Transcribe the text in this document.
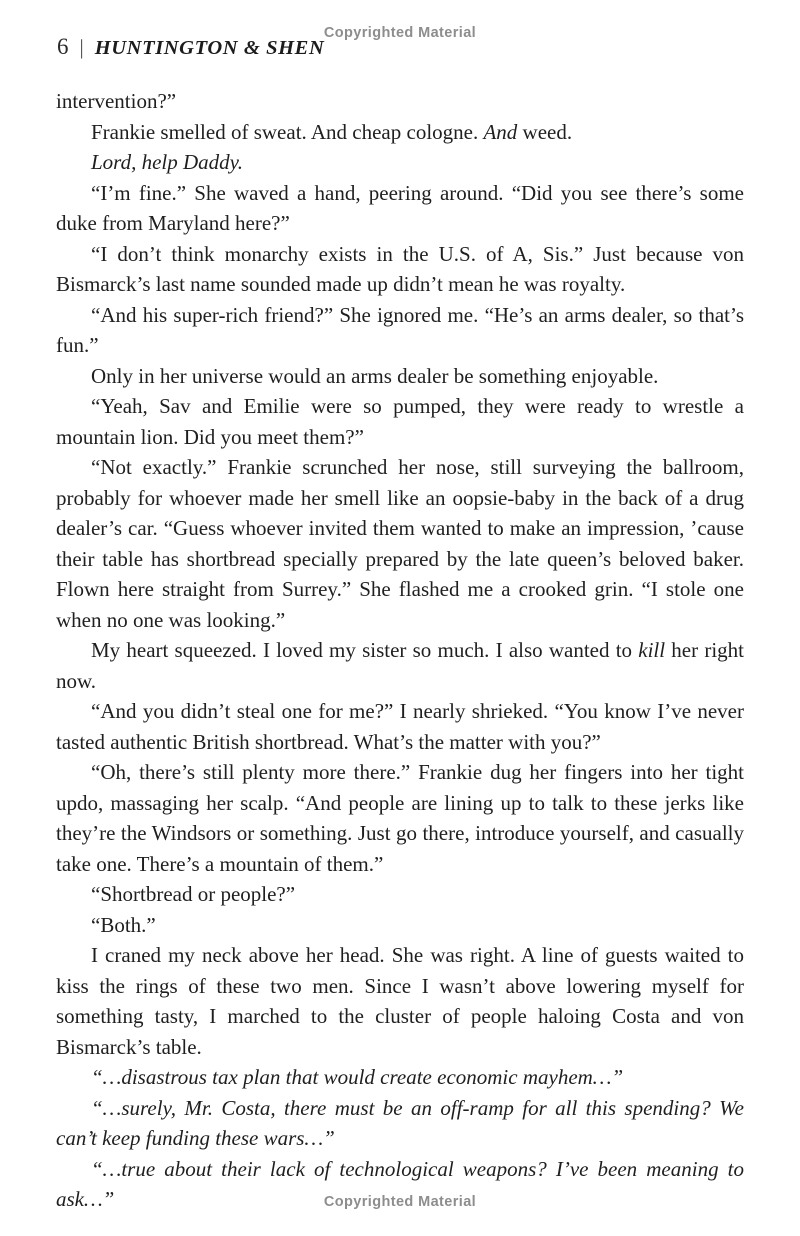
Copyrighted Material
6 | HUNTINGTON & SHEN

intervention?”

Frankie smelled of sweat. And cheap cologne. And weed.

Lord, help Daddy.

“I’m fine.” She waved a hand, peering around. “Did you see there’s some duke from Maryland here?”

“I don’t think monarchy exists in the U.S. of A, Sis.” Just because von Bismarck’s last name sounded made up didn’t mean he was royalty.

“And his super-rich friend?” She ignored me. “He’s an arms dealer, so that’s fun.”

Only in her universe would an arms dealer be something enjoyable.

“Yeah, Sav and Emilie were so pumped, they were ready to wrestle a mountain lion. Did you meet them?”

“Not exactly.” Frankie scrunched her nose, still surveying the ballroom, probably for whoever made her smell like an oopsie-baby in the back of a drug dealer’s car. “Guess whoever invited them wanted to make an impression, ’cause their table has shortbread specially prepared by the late queen’s beloved baker. Flown here straight from Surrey.” She flashed me a crooked grin. “I stole one when no one was looking.”

My heart squeezed. I loved my sister so much. I also wanted to kill her right now.

“And you didn’t steal one for me?” I nearly shrieked. “You know I’ve never tasted authentic British shortbread. What’s the matter with you?”

“Oh, there’s still plenty more there.” Frankie dug her fingers into her tight updo, massaging her scalp. “And people are lining up to talk to these jerks like they’re the Windsors or something. Just go there, introduce yourself, and casually take one. There’s a mountain of them.”

“Shortbread or people?”

“Both.”

I craned my neck above her head. She was right. A line of guests waited to kiss the rings of these two men. Since I wasn’t above lowering myself for something tasty, I marched to the cluster of people haloing Costa and von Bismarck’s table.

“…disastrous tax plan that would create economic mayhem…”

“…surely, Mr. Costa, there must be an off-ramp for all this spending? We can’t keep funding these wars…”

“…true about their lack of technological weapons? I’ve been meaning to ask…”	Copyrighted Material
